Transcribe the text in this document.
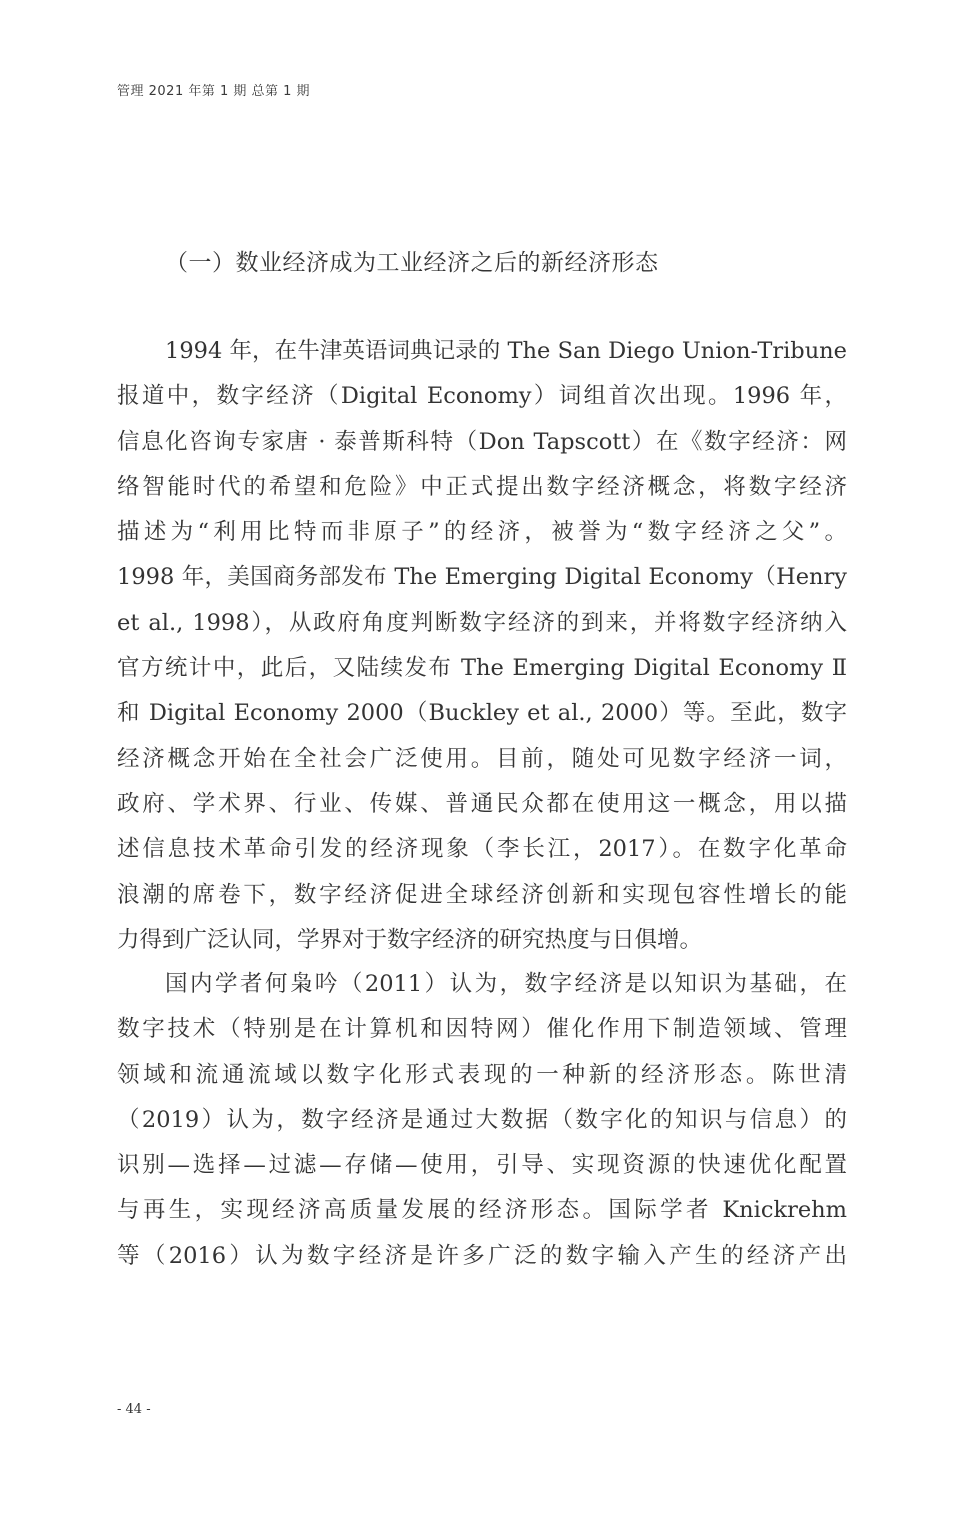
管理 2021 年第 1 期 总第 1 期
（一）数业经济成为工业经济之后的新经济形态
1994 年，在牛津英语词典记录的 The San Diego Union-Tribune
报道中，数字经济（Digital Economy）词组首次出现。1996 年，
信息化咨询专家唐 · 泰普斯科特（Don Tapscott）在《数字经济：网
络智能时代的希望和危险》中正式提出数字经济概念，将数字经济
描述为“利用比特而非原子”的经济，被誉为“数字经济之父”。
1998 年，美国商务部发布 The Emerging Digital Economy（Henry
et al., 1998），从政府角度判断数字经济的到来，并将数字经济纳入
官方统计中，此后，又陆续发布 The Emerging Digital Economy Ⅱ
和 Digital Economy 2000（Buckley et al., 2000）等。至此，数字
经济概念开始在全社会广泛使用。目前，随处可见数字经济一词，
政府、学术界、行业、传媒、普通民众都在使用这一概念，用以描
述信息技术革命引发的经济现象（李长江，2017）。在数字化革命
浪潮的席卷下，数字经济促进全球经济创新和实现包容性增长的能
力得到广泛认同，学界对于数字经济的研究热度与日俱增。
国内学者何枭吟（2011）认为，数字经济是以知识为基础，在
数字技术（特别是在计算机和因特网）催化作用下制造领域、管理
领域和流通流域以数字化形式表现的一种新的经济形态。陈世清
（2019）认为，数字经济是通过大数据（数字化的知识与信息）的
识别—选择—过滤—存储—使用，引导、实现资源的快速优化配置
与再生，实现经济高质量发展的经济形态。国际学者 Knickrehm
等（2016）认为数字经济是许多广泛的数字输入产生的经济产出
- 44 -
